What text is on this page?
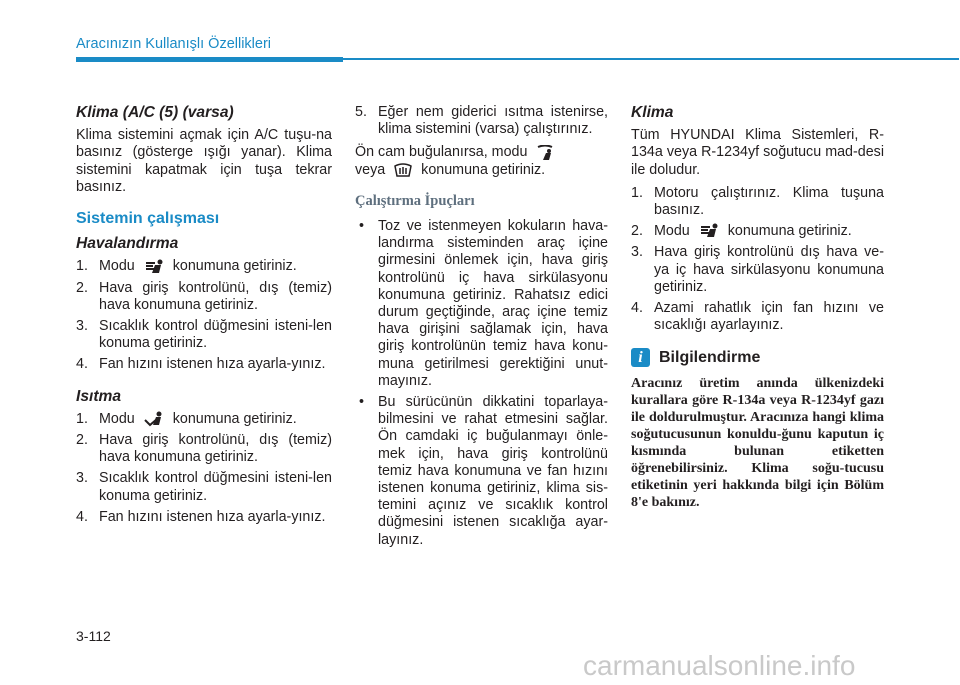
Aracınızın Kullanışlı Özellikleri
Klima (A/C (5) (varsa)

Klima sistemini açmak için A/C tuşu-na basınız (gösterge ışığı yanar). Klima sistemini kapatmak için tuşa tekrar basınız.

Sistemin çalışması
Havalandırma
1. Modu	konumuna getiriniz.
2. Hava giriş kontrolünü, dış (temiz) hava konumuna getiriniz.
3. Sıcaklık kontrol düğmesini isteni-len konuma getiriniz.
4. Fan hızını istenen hıza ayarla-yınız.
Isıtma
1. Modu	konumuna getiriniz.
2. Hava giriş kontrolünü, dış (temiz) hava konumuna getiriniz.
3. Sıcaklık kontrol düğmesini isteni-len konuma getiriniz.
4. Fan hızını istenen hıza ayarla-yınız.
5. Eğer nem giderici ısıtma istenirse, klima sistemini (varsa) çalıştırınız.

Ön cam buğulanırsa, modu
veya	konumuna getiriniz.

Çalıştırma İpuçları
• Toz ve istenmeyen kokuların hava-landırma sisteminden araç içine girmesini önlemek için, hava giriş kontrolünü iç hava sirkülasyonu konumuna getiriniz. Rahatsız edici durum geçtiğinde, araç içine temiz hava girişini sağlamak için, hava giriş kontrolünün temiz hava konu-muna getirilmesi gerektiğini unut-mayınız.
• Bu sürücünün dikkatini toparlaya-bilmesini ve rahat etmesini sağlar. Ön camdaki iç buğulanmayı önle-mek için, hava giriş kontrolünü temiz hava konumuna ve fan hızını istenen konuma getiriniz, klima sis-temini açınız ve sıcaklık kontrol düğmesini istenen sıcaklığa ayar-layınız.
Klima

Tüm HYUNDAI Klima Sistemleri, R-134a veya R-1234yf soğutucu mad-desi ile doludur.

1. Motoru çalıştırınız. Klima tuşuna basınız.
2. Modu	konumuna getiriniz.
3. Hava giriş kontrolünü dış hava ve-ya iç hava sirkülasyonu konumuna getiriniz.
4. Azami rahatlık için fan hızını ve sıcaklığı ayarlayınız.
i	Bilgilendirme
Aracınız üretim anında ülkenizdeki kurallara göre R-134a veya R-1234yf gazı ile doldurulmuştur. Aracınıza hangi klima soğutucusunun konuldu-ğunu kaputun iç kısmında bulunan etiketten öğrenebilirsiniz. Klima soğu-tucusu etiketinin yeri hakkında bilgi için Bölüm 8'e bakınız.
3-112
carmanualsonline.info
